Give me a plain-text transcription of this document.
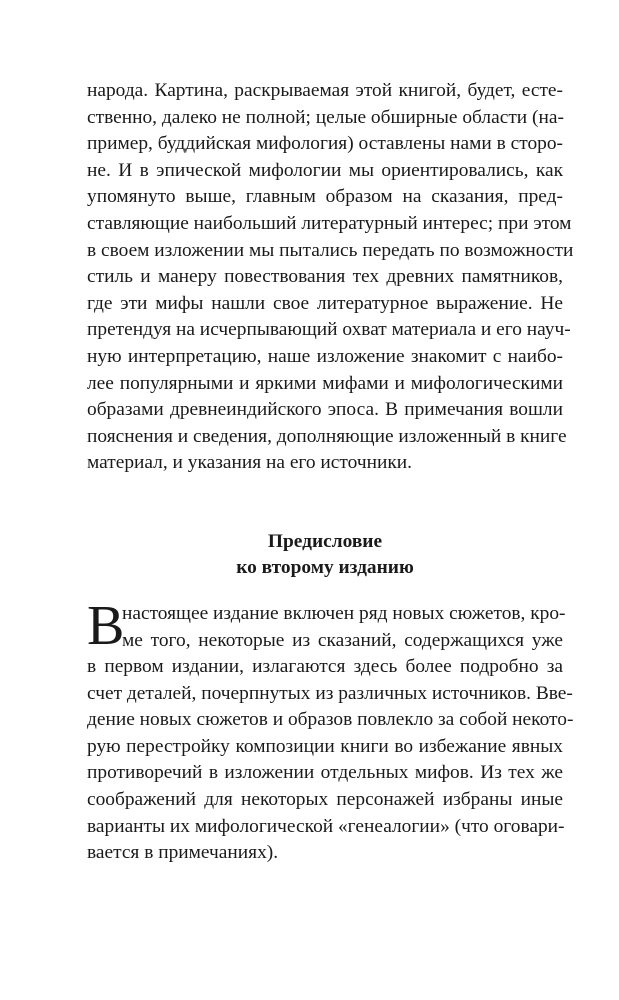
народа. Картина, раскрываемая этой книгой, будет, есте-
ственно, далеко не полной; целые обширные области (на-
пример, буддийская мифология) оставлены нами в сторо-
не. И в эпической мифологии мы ориентировались, как
упомянуто выше, главным образом на сказания, пред-
ставляющие наибольший литературный интерес; при этом
в своем изложении мы пытались передать по возможности
стиль и манеру повествования тех древних памятников,
где эти мифы нашли свое литературное выражение. Не
претендуя на исчерпывающий охват материала и его науч-
ную интерпретацию, наше изложение знакомит с наибо-
лее популярными и яркими мифами и мифологическими
образами древнеиндийского эпоса. В примечания вошли
пояснения и сведения, дополняющие изложенный в книге
материал, и указания на его источники.
Предисловие
ко второму изданию
В
настоящее издание включен ряд новых сюжетов, кро-
ме того, некоторые из сказаний, содержащихся уже
в первом издании, излагаются здесь более подробно за
счет деталей, почерпнутых из различных источников. Вве-
дение новых сюжетов и образов повлекло за собой некото-
рую перестройку композиции книги во избежание явных
противоречий в изложении отдельных мифов. Из тех же
соображений для некоторых персонажей избраны иные
варианты их мифологической «генеалогии» (что оговари-
вается в примечаниях).
